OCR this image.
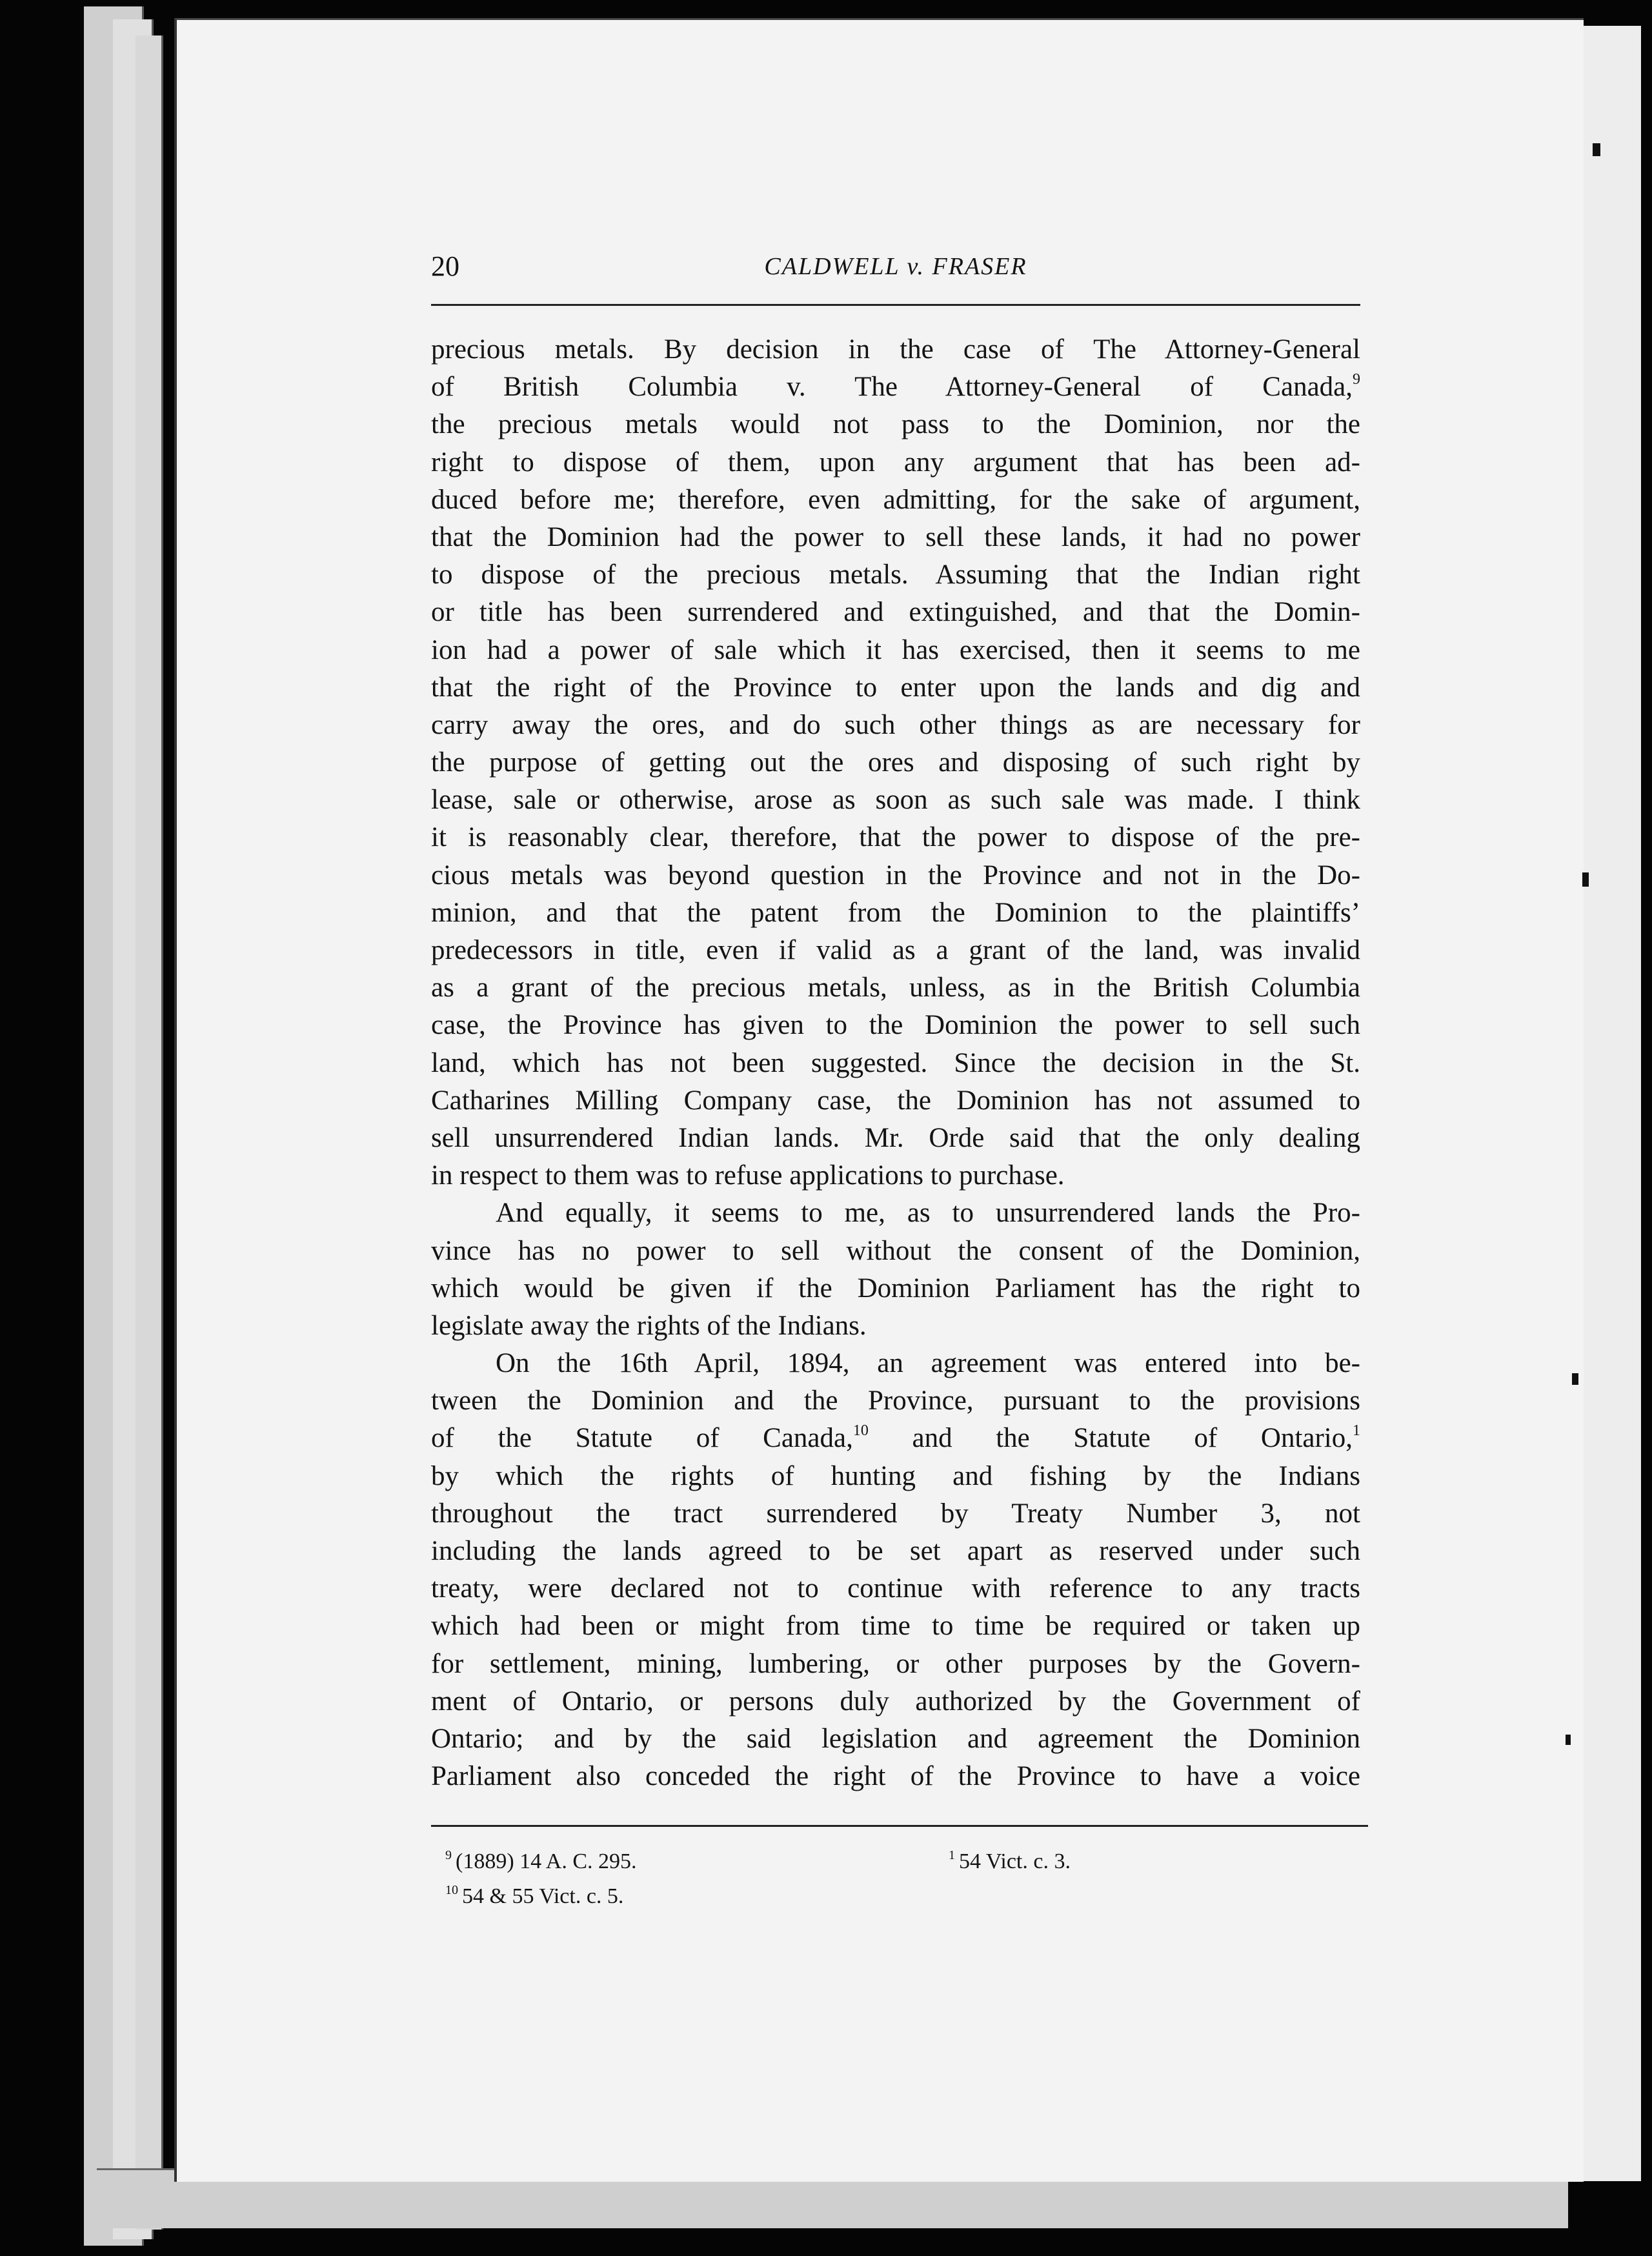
20	CALDWELL v. FRASER
precious metals. By decision in the case of The Attorney-General
of British Columbia v. The Attorney-General of Canada,$^9$
the precious metals would not pass to the Dominion, nor the
right to dispose of them, upon any argument that has been ad-
duced before me; therefore, even admitting, for the sake of argument,
that the Dominion had the power to sell these lands, it had no power
to dispose of the precious metals. Assuming that the Indian right
or title has been surrendered and extinguished, and that the Domin-
ion had a power of sale which it has exercised, then it seems to me
that the right of the Province to enter upon the lands and dig and
carry away the ores, and do such other things as are necessary for
the purpose of getting out the ores and disposing of such right by
lease, sale or otherwise, arose as soon as such sale was made. I think
it is reasonably clear, therefore, that the power to dispose of the pre-
cious metals was beyond question in the Province and not in the Do-
minion, and that the patent from the Dominion to the plaintiffs’
predecessors in title, even if valid as a grant of the land, was invalid
as a grant of the precious metals, unless, as in the British Columbia
case, the Province has given to the Dominion the power to sell such
land, which has not been suggested. Since the decision in the St.
Catharines Milling Company case, the Dominion has not assumed to
sell unsurrendered Indian lands. Mr. Orde said that the only dealing
in respect to them was to refuse applications to purchase.
And equally, it seems to me, as to unsurrendered lands the Pro-
vince has no power to sell without the consent of the Dominion,
which would be given if the Dominion Parliament has the right to
legislate away the rights of the Indians.
On the 16th April, 1894, an agreement was entered into be-
tween the Dominion and the Province, pursuant to the provisions
of the Statute of Canada,$^{10}$ and the Statute of Ontario,$^1$
by which the rights of hunting and fishing by the Indians
throughout the tract surrendered by Treaty Number 3, not
including the lands agreed to be set apart as reserved under such
treaty, were declared not to continue with reference to any tracts
which had been or might from time to time be required or taken up
for settlement, mining, lumbering, or other purposes by the Govern-
ment of Ontario, or persons duly authorized by the Government of
Ontario; and by the said legislation and agreement the Dominion
Parliament also conceded the right of the Province to have a voice
$^9$ (1889) 14 A. C. 295.
$^{10}$ 54 & 55 Vict. c. 5.
$^1$ 54 Vict. c. 3.
